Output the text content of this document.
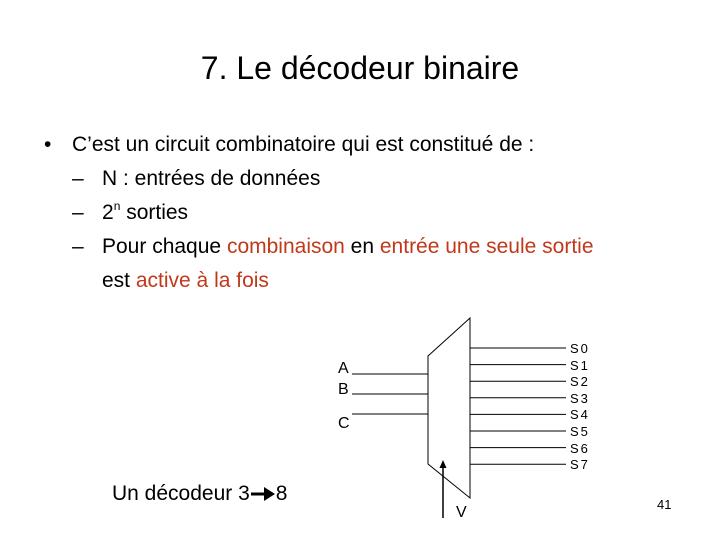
7. Le décodeur binaire
• C’est un circuit combinatoire qui est constitué de :
– N : entrées de données
– 2$^n$ sorties
– Pour chaque combinaison en entrée une seule sortie
est active à la fois
A
B
C
S0
S1
S2
S3
S4
S5
S6
S7
V
Un décodeur 3 8	41
